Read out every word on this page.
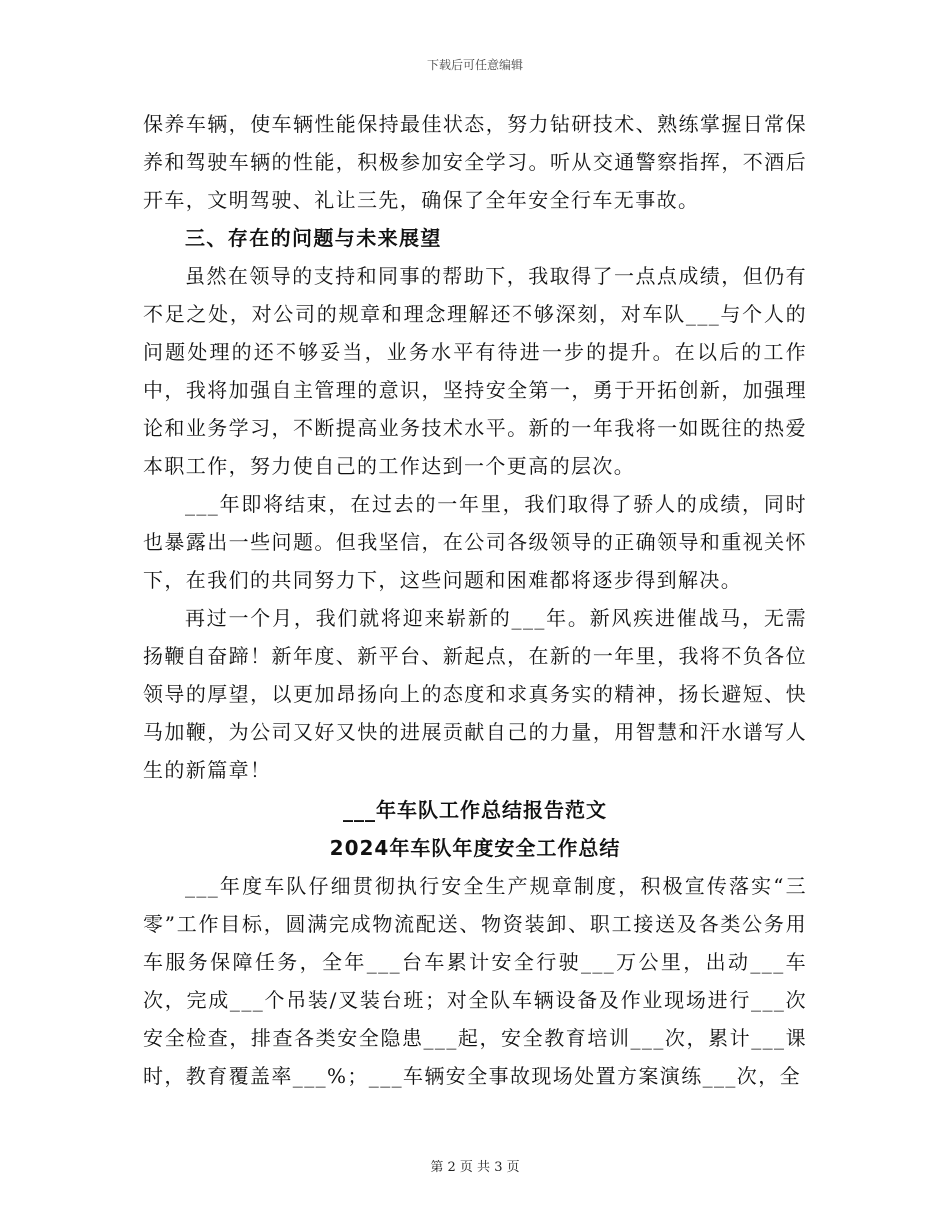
下载后可任意编辑

保养车辆，使车辆性能保持最佳状态，努力钻研技术、熟练掌握日常保养和驾驶车辆的性能，积极参加安全学习。听从交通警察指挥，不酒后开车，文明驾驶、礼让三先，确保了全年安全行车无事故。

三、存在的问题与未来展望

虽然在领导的支持和同事的帮助下，我取得了一点点成绩，但仍有不足之处，对公司的规章和理念理解还不够深刻，对车队___与个人的问题处理的还不够妥当，业务水平有待进一步的提升。在以后的工作中，我将加强自主管理的意识，坚持安全第一，勇于开拓创新，加强理论和业务学习，不断提高业务技术水平。新的一年我将一如既往的热爱本职工作，努力使自己的工作达到一个更高的层次。

___年即将结束，在过去的一年里，我们取得了骄人的成绩，同时也暴露出一些问题。但我坚信，在公司各级领导的正确领导和重视关怀下，在我们的共同努力下，这些问题和困难都将逐步得到解决。

再过一个月，我们就将迎来崭新的___年。新风疾进催战马，无需扬鞭自奋蹄！新年度、新平台、新起点，在新的一年里，我将不负各位领导的厚望，以更加昂扬向上的态度和求真务实的精神，扬长避短、快马加鞭，为公司又好又快的进展贡献自己的力量，用智慧和汗水谱写人生的新篇章！

___年车队工作总结报告范文

2024年车队年度安全工作总结

___年度车队仔细贯彻执行安全生产规章制度，积极宣传落实“三零”工作目标，圆满完成物流配送、物资装卸、职工接送及各类公务用车服务保障任务，全年___台车累计安全行驶___万公里，出动___车次，完成___个吊装/叉装台班；对全队车辆设备及作业现场进行___次安全检查，排查各类安全隐患___起，安全教育培训___次，累计___课时，教育覆盖率___%；___车辆安全事故现场处置方案演练___次，全

第 2 页 共 3 页
